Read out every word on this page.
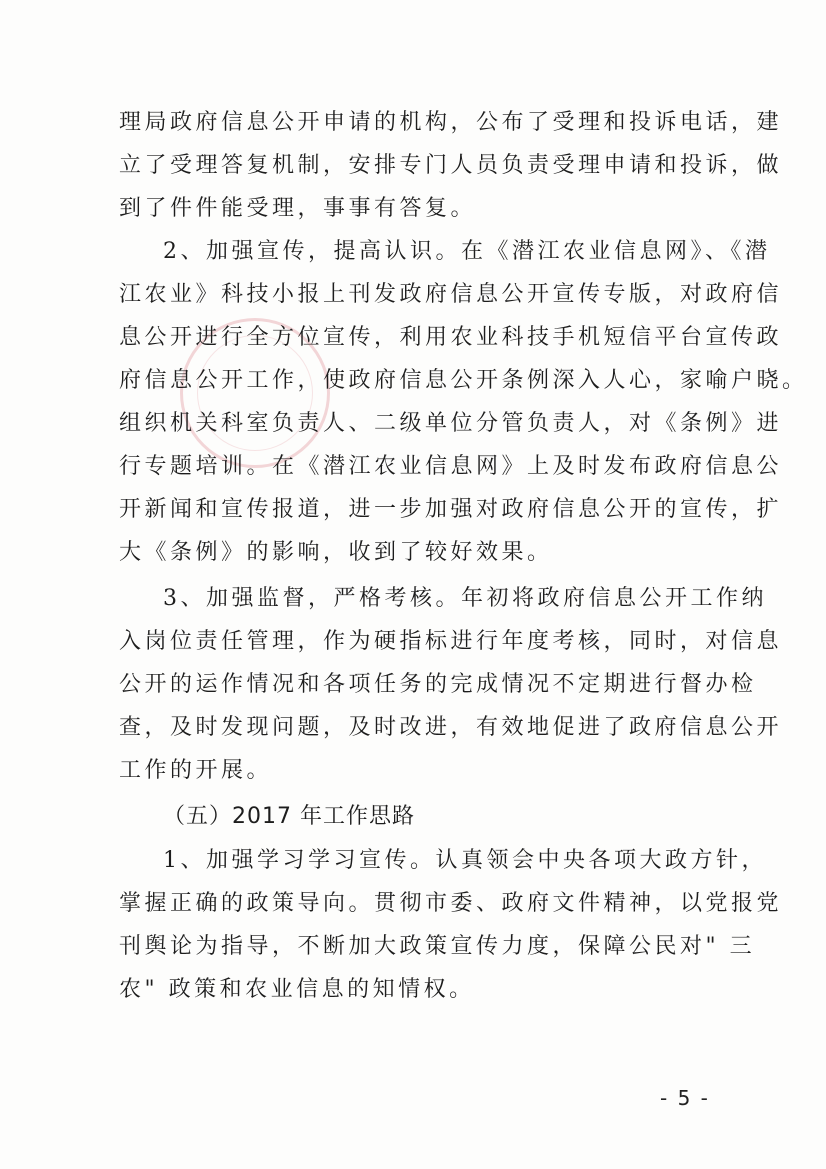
理局政府信息公开申请的机构，公布了受理和投诉电话，建
立了受理答复机制，安排专门人员负责受理申请和投诉，做
到了件件能受理，事事有答复。
2、加强宣传，提高认识。在《潜江农业信息网》、《潜
江农业》科技小报上刊发政府信息公开宣传专版，对政府信
息公开进行全方位宣传，利用农业科技手机短信平台宣传政
府信息公开工作，使政府信息公开条例深入人心，家喻户晓。
组织机关科室负责人、二级单位分管负责人，对《条例》进
行专题培训。在《潜江农业信息网》上及时发布政府信息公
开新闻和宣传报道，进一步加强对政府信息公开的宣传，扩
大《条例》的影响，收到了较好效果。
3、加强监督，严格考核。年初将政府信息公开工作纳
入岗位责任管理，作为硬指标进行年度考核，同时，对信息
公开的运作情况和各项任务的完成情况不定期进行督办检
查，及时发现问题，及时改进，有效地促进了政府信息公开
工作的开展。
（五）2017 年工作思路
1、加强学习学习宣传。认真领会中央各项大政方针，
掌握正确的政策导向。贯彻市委、政府文件精神，以党报党
刊舆论为指导，不断加大政策宣传力度，保障公民对" 三
农" 政策和农业信息的知情权。
- 5 -
